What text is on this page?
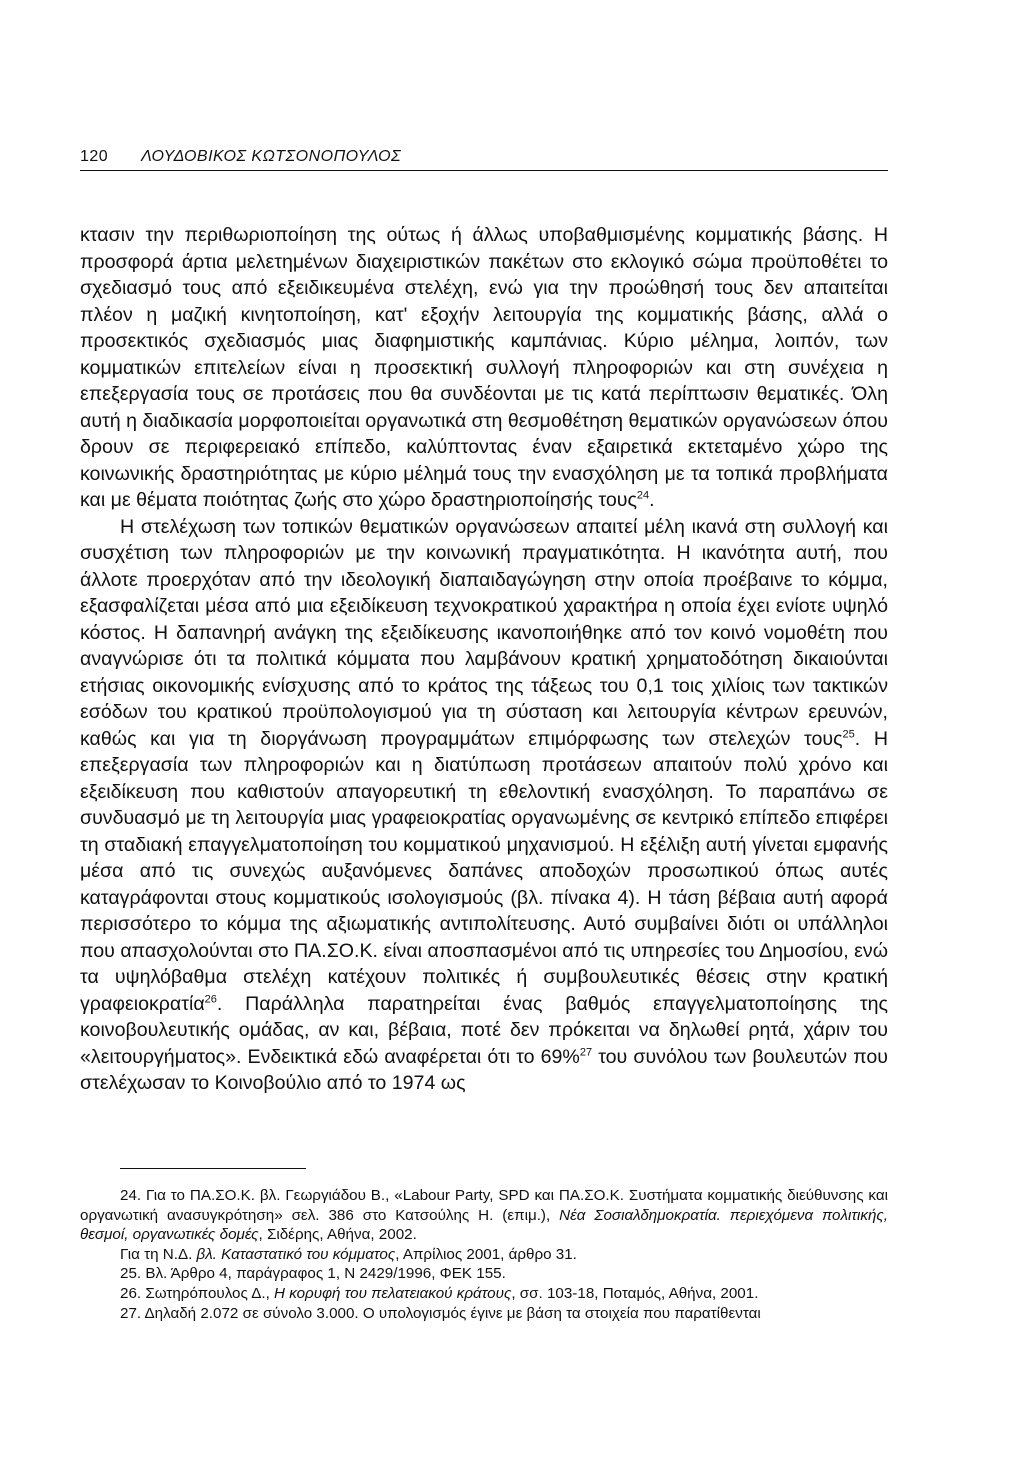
120 ΛΟΥΔΟΒΙΚΟΣ ΚΩΤΣΟΝΟΠΟΥΛΟΣ

κτασιν την περιθωριοποίηση της ούτως ή άλλως υποβαθμισμένης κομματικής βάσης. Η προσφορά άρτια μελετημένων διαχειριστικών πακέτων στο εκλογικό σώμα προϋποθέτει το σχεδιασμό τους από εξειδικευμένα στελέχη, ενώ για την προώθησή τους δεν απαιτείται πλέον η μαζική κινητοποίηση, κατ' εξοχήν λειτουργία της κομματικής βάσης, αλλά ο προσεκτικός σχεδιασμός μιας διαφημιστικής καμπάνιας. Κύριο μέλημα, λοιπόν, των κομματικών επιτελείων είναι η προσεκτική συλλογή πληροφοριών και στη συνέχεια η επεξεργασία τους σε προτάσεις που θα συνδέονται με τις κατά περίπτωσιν θεματικές. Όλη αυτή η διαδικασία μορφοποιείται οργανωτικά στη θεσμοθέτηση θεματικών οργανώσεων όπου δρουν σε περιφερειακό επίπεδο, καλύπτοντας έναν εξαιρετικά εκτεταμένο χώρο της κοινωνικής δραστηριότητας με κύριο μέλημά τους την ενασχόληση με τα τοπικά προβλήματα και με θέματα ποιότητας ζωής στο χώρο δραστηριοποίησής τους$^{24}$.

Η στελέχωση των τοπικών θεματικών οργανώσεων απαιτεί μέλη ικανά στη συλλογή και συσχέτιση των πληροφοριών με την κοινωνική πραγματικότητα. Η ικανότητα αυτή, που άλλοτε προερχόταν από την ιδεολογική διαπαιδαγώγηση στην οποία προέβαινε το κόμμα, εξασφαλίζεται μέσα από μια εξειδίκευση τεχνοκρατικού χαρακτήρα η οποία έχει ενίοτε υψηλό κόστος. Η δαπανηρή ανάγκη της εξειδίκευσης ικανοποιήθηκε από τον κοινό νομοθέτη που αναγνώρισε ότι τα πολιτικά κόμματα που λαμβάνουν κρατική χρηματοδότηση δικαιούνται ετήσιας οικονομικής ενίσχυσης από το κράτος της τάξεως του 0,1 τοις χιλίοις των τακτικών εσόδων του κρατικού προϋπολογισμού για τη σύσταση και λειτουργία κέντρων ερευνών, καθώς και για τη διοργάνωση προγραμμάτων επιμόρφωσης των στελεχών τους$^{25}$. Η επεξεργασία των πληροφοριών και η διατύπωση προτάσεων απαιτούν πολύ χρόνο και εξειδίκευση που καθιστούν απαγορευτική τη εθελοντική ενασχόληση. Το παραπάνω σε συνδυασμό με τη λειτουργία μιας γραφειοκρατίας οργανωμένης σε κεντρικό επίπεδο επιφέρει τη σταδιακή επαγγελματοποίηση του κομματικού μηχανισμού. Η εξέλιξη αυτή γίνεται εμφανής μέσα από τις συνεχώς αυξανόμενες δαπάνες αποδοχών προσωπικού όπως αυτές καταγράφονται στους κομματικούς ισολογισμούς (βλ. πίνακα 4). Η τάση βέβαια αυτή αφορά περισσότερο το κόμμα της αξιωματικής αντιπολίτευσης. Αυτό συμβαίνει διότι οι υπάλληλοι που απασχολούνται στο ΠΑ.ΣΟ.Κ. είναι αποσπασμένοι από τις υπηρεσίες του Δημοσίου, ενώ τα υψηλόβαθμα στελέχη κατέχουν πολιτικές ή συμβουλευτικές θέσεις στην κρατική γραφειοκρατία$^{26}$. Παράλληλα παρατηρείται ένας βαθμός επαγγελματοποίησης της κοινοβουλευτικής ομάδας, αν και, βέβαια, ποτέ δεν πρόκειται να δηλωθεί ρητά, χάριν του «λειτουργήματος». Ενδεικτικά εδώ αναφέρεται ότι το 69%$^{27}$ του συνόλου των βουλευτών που στελέχωσαν το Κοινοβούλιο από το 1974 ως

24. Για το ΠΑ.ΣΟ.Κ. βλ. Γεωργιάδου Β., «Labour Party, SPD και ΠΑ.ΣΟ.Κ. Συστήματα κομματικής διεύθυνσης και οργανωτική ανασυγκρότηση» σελ. 386 στο Κατσούλης Η. (επιμ.), Νέα Σοσιαλδημοκρατία. περιεχόμενα πολιτικής, θεσμοί, οργανωτικές δομές, Σιδέρης, Αθήνα, 2002.

Για τη Ν.Δ. βλ. Καταστατικό του κόμματος, Απρίλιος 2001, άρθρο 31.

25. Βλ. Άρθρο 4, παράγραφος 1, Ν 2429/1996, ΦΕΚ 155.

26. Σωτηρόπουλος Δ., Η κορυφή του πελατειακού κράτους, σσ. 103-18, Ποταμός, Αθήνα, 2001.

27. Δηλαδή 2.072 σε σύνολο 3.000. Ο υπολογισμός έγινε με βάση τα στοιχεία που παρατίθενται
